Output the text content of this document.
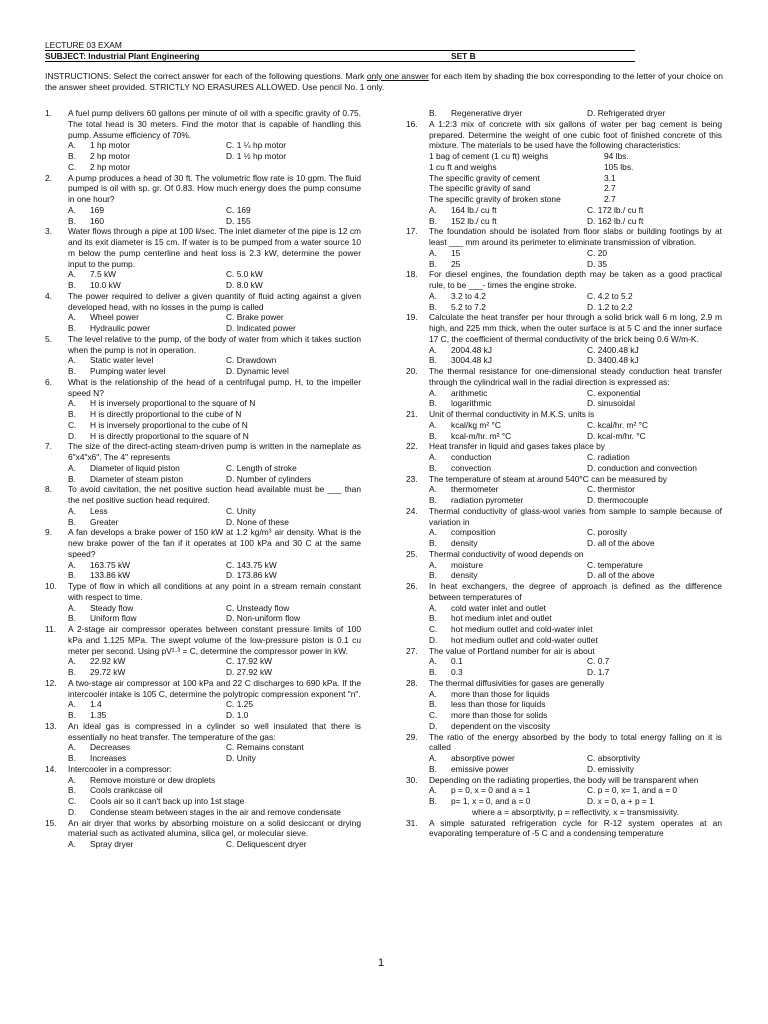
LECTURE 03 EXAM
SUBJECT: Industrial Plant Engineering	SET B
INSTRUCTIONS: Select the correct answer for each of the following questions. Mark only one answer for each item by shading the box corresponding to the letter of your choice on the answer sheet provided. STRICTLY NO ERASURES ALLOWED. Use pencil No. 1 only.
1.	A fuel pump delivers 60 gallons per minute of oil with a specific gravity of 0.75. The total head is 30 meters. Find the motor that is capable of handling this pump. Assume efficiency of 70%.
A.	1 hp motor	C. 1 ¼ hp motor
B.	2 hp motor	D. 1 ½ hp motor
C.	2 hp motor
2.	A pump produces a head of 30 ft. The volumetric flow rate is 10 gpm. The fluid pumped is oil with sp. gr. Of 0.83. How much energy does the pump consume in one hour?
A.	169	C. 169
B.	160	D. 155
3.	Water flows through a pipe at 100 li/sec. The inlet diameter of the pipe is 12 cm and its exit diameter is 15 cm. If water is to be pumped from a water source 10 m below the pump centerline and heat loss is 2.3 kW, determine the power input to the pump.
A.	7.5 kW	C. 5.0 kW
B.	10.0 kW	D. 8.0 kW
4.	The power required to deliver a given quantity of fluid acting against a given developed head, with no losses in the pump is called
A.	Wheel power	C. Brake power
B.	Hydraulic power	D. Indicated power
5.	The level relative to the pump, of the body of water from which it takes suction when the pump is not in operation.
A.	Static water level	C. Drawdown
B.	Pumping water level	D. Dynamic level
6.	What is the relationship of the head of a centrifugal pump, H, to the impeller speed N?
A.	H is inversely proportional to the square of N
B.	H is directly proportional to the cube of N
C.	H is inversely proportional to the cube of N
D.	H is directly proportional to the square of N
7.	The size of the direct-acting steam-driven pump is written in the nameplate as 6"x4"x6". The 4" represents
A.	Diameter of liquid piston	C. Length of stroke
B.	Diameter of steam piston	D. Number of cylinders
8.	To avoid cavitation, the net positive suction head available must be ___ than the net positive suction head required.
A.	Less	C. Unity
B.	Greater	D. None of these
9.	A fan develops a brake power of 150 kW at 1.2 kg/m³ air density. What is the new brake power of the fan if it operates at 100 kPa and 30 C at the same speed?
A.	163.75 kW	C. 143.75 kW
B.	133.86 kW	D. 173.86 kW
10.	Type of flow in which all conditions at any point in a stream remain constant with respect to time.
A.	Steady flow	C. Unsteady flow
B.	Uniform flow	D. Non-uniform flow
11.	A 2-stage air compressor operates between constant pressure limits of 100 kPa and 1.125 MPa. The swept volume of the low-pressure piston is 0.1 cu meter per second. Using pV¹·³ = C, determine the compressor power in kW.
A.	22.92 kW	C. 17.92 kW
B.	29.72 kW	D. 27.92 kW
12.	A two-stage air compressor at 100 kPa and 22 C discharges to 690 kPa. If the intercooler intake is 105 C, determine the polytropic compression exponent "n".
A.	1.4	C. 1.25
B.	1.35	D. 1.0
13.	An ideal gas is compressed in a cylinder so well insulated that there is essentially no heat transfer. The temperature of the gas:
A.	Decreases	C. Remains constant
B.	Increases	D. Unity
14.	Intercooler in a compressor:
A.	Remove moisture or dew droplets
B.	Cools crankcase oil
C.	Cools air so it can't back up into 1st stage
D.	Condense steam between stages in the air and remove condensate
15.	An air dryer that works by absorbing moisture on a solid desiccant or drying material such as activated alumina, silica gel, or molecular sieve.
A.	Spray dryer	C. Deliquescent dryer
B.	Regenerative dryer	D. Refrigerated dryer
16.	A 1:2:3 mix of concrete with six gallons of water per bag cement is being prepared. Determine the weight of one cubic foot of finished concrete of this mixture. The materials to be used have the following characteristics:
1 bag of cement (1 cu ft) weighs	94 lbs.
1 cu ft and weighs	105 lbs.
The specific gravity of cement	3.1
The specific gravity of sand	2.7
The specific gravity of broken stone	2.7
A.	164 lb./ cu ft	C. 172 lb./ cu ft
B.	152 lb./ cu ft	D. 162 lb./ cu ft
17.	The foundation should be isolated from floor slabs or building footings by at least ___ mm around its perimeter to eliminate transmission of vibration.
A.	15	C. 20
B.	25	D. 35
18.	For diesel engines, the foundation depth may be taken as a good practical rule, to be ___- times the engine stroke.
A.	3.2 to 4.2	C. 4.2 to 5.2
B.	5.2 to 7.2	D. 1.2 to 2.2
19.	Calculate the heat transfer per hour through a solid brick wall 6 m long, 2.9 m high, and 225 mm thick, when the outer surface is at 5 C and the inner surface 17 C, the coefficient of thermal conductivity of the brick being 0.6 W/m-K.
A.	2004.48 kJ	C. 2400.48 kJ
B.	3004.48 kJ	D. 3400.48 kJ
20.	The thermal resistance for one-dimensional steady conduction heat transfer through the cylindrical wall in the radial direction is expressed as:
A.	arithmetic	C. exponential
B.	logarithmic	D. sinusoidal
21.	Unit of thermal conductivity in M.K.S. units is
A.	kcal/kg m² °C	C. kcal/hr. m² °C
B.	kcal-m/hr. m² °C	D. kcal-m/hr. °C
22.	Heat transfer in liquid and gases takes place by
A.	conduction	C. radiation
B.	convection	D. conduction and convection
23.	The temperature of steam at around 540°C can be measured by
A.	thermometer	C. thermistor
B.	radiation pyrometer	D. thermocouple
24.	Thermal conductivity of glass-wool varies from sample to sample because of variation in
A.	composition	C. porosity
B.	density	D. all of the above
25.	Thermal conductivity of wood depends on
A.	moisture	C. temperature
B.	density	D. all of the above
26.	In heat exchangers, the degree of approach is defined as the difference between temperatures of
A.	cold water inlet and outlet
B.	hot medium inlet and outlet
C.	hot medium outlet and cold-water inlet
D.	hot medium outlet and cold-water outlet
27.	The value of Portland number for air is about
A.	0.1	C. 0.7
B.	0.3	D. 1.7
28.	The thermal diffusivities for gases are generally
A.	more than those for liquids
B.	less than those for liquids
C.	more than those for solids
D.	dependent on the viscosity
29.	The ratio of the energy absorbed by the body to total energy falling on it is called
A.	absorptive power	C. absorptivity
B.	emissive power	D. emissivity
30.	Depending on the radiating properties, the body will be transparent when
A.	p = 0, x = 0 and a = 1	C. p = 0, x= 1, and a = 0
B.	p= 1, x = 0, and a = 0	D. x = 0, a + p = 1
where a = absorptivity, p = reflectivity, x = transmissivity.
31.	A simple saturated refrigeration cycle for R-12 system operates at an evaporating temperature of -5 C and a condensing temperature
1
